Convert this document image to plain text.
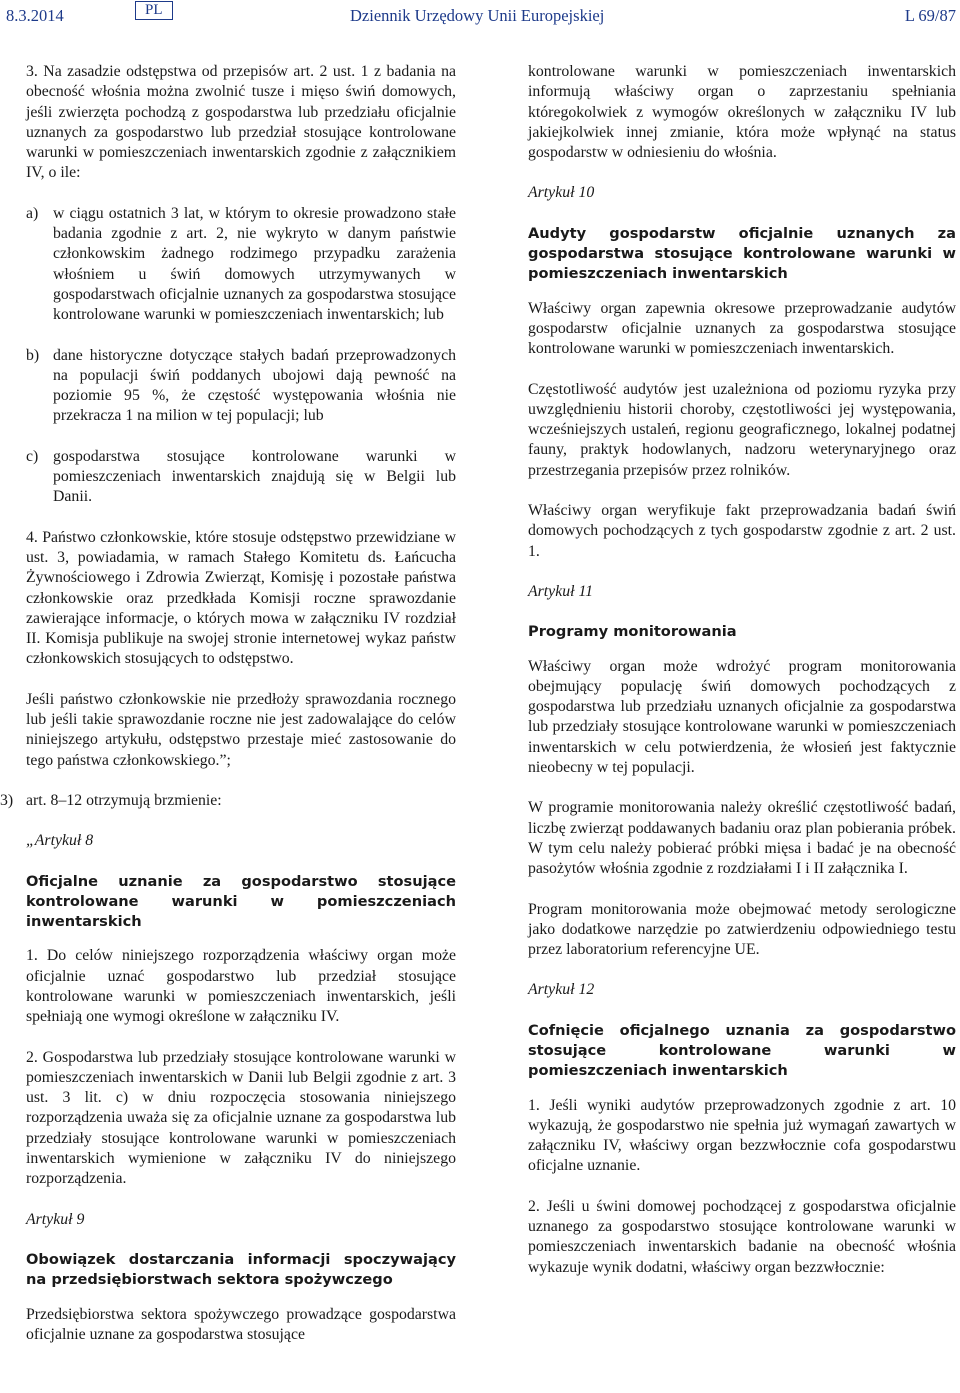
8.3.2014	PL	Dziennik Urzędowy Unii Europejskiej	L 69/87

3. Na zasadzie odstępstwa od przepisów art. 2 ust. 1 z badania na obecność włośnia można zwolnić tusze i mięso świń domowych, jeśli zwierzęta pochodzą z gospodarstwa lub przedziału oficjalnie uznanych za gospodarstwo lub przedział stosujące kontrolowane warunki w pomieszczeniach inwentarskich zgodnie z załącznikiem IV, o ile:

a) w ciągu ostatnich 3 lat, w którym to okresie prowadzono stałe badania zgodnie z art. 2, nie wykryto w danym państwie członkowskim żadnego rodzimego przypadku zarażenia włośniem u świń domowych utrzymywanych w gospodarstwach oficjalnie uznanych za gospodarstwa stosujące kontrolowane warunki w pomieszczeniach inwentarskich; lub
b) dane historyczne dotyczące stałych badań przeprowadzonych na populacji świń poddanych ubojowi dają pewność na poziomie 95 %, że częstość występowania włośnia nie przekracza 1 na milion w tej populacji; lub
c) gospodarstwa stosujące kontrolowane warunki w pomieszczeniach inwentarskich znajdują się w Belgii lub Danii.

4. Państwo członkowskie, które stosuje odstępstwo przewidziane w ust. 3, powiadamia, w ramach Stałego Komitetu ds. Łańcucha Żywnościowego i Zdrowia Zwierząt, Komisję i pozostałe państwa członkowskie oraz przedkłada Komisji roczne sprawozdanie zawierające informacje, o których mowa w załączniku IV rozdział II. Komisja publikuje na swojej stronie internetowej wykaz państw członkowskich stosujących to odstępstwo.

Jeśli państwo członkowskie nie przedłoży sprawozdania rocznego lub jeśli takie sprawozdanie roczne nie jest zadowalające do celów niniejszego artykułu, odstępstwo przestaje mieć zastosowanie do tego państwa członkowskiego.”;

3) art. 8–12 otrzymują brzmienie:

„Artykuł 8

Oficjalne uznanie za gospodarstwo stosujące kontrolowane warunki w pomieszczeniach inwentarskich

1. Do celów niniejszego rozporządzenia właściwy organ może oficjalnie uznać gospodarstwo lub przedział stosujące kontrolowane warunki w pomieszczeniach inwentarskich, jeśli spełniają one wymogi określone w załączniku IV.

2. Gospodarstwa lub przedziały stosujące kontrolowane warunki w pomieszczeniach inwentarskich w Danii lub Belgii zgodnie z art. 3 ust. 3 lit. c) w dniu rozpoczęcia stosowania niniejszego rozporządzenia uważa się za oficjalnie uznane za gospodarstwa lub przedziały stosujące kontrolowane warunki w pomieszczeniach inwentarskich wymienione w załączniku IV do niniejszego rozporządzenia.

Artykuł 9

Obowiązek dostarczania informacji spoczywający na przedsiębiorstwach sektora spożywczego

Przedsiębiorstwa sektora spożywczego prowadzące gospodarstwa oficjalnie uznane za gospodarstwa stosujące

kontrolowane warunki w pomieszczeniach inwentarskich informują właściwy organ o zaprzestaniu spełniania któregokolwiek z wymogów określonych w załączniku IV lub jakiejkolwiek innej zmianie, która może wpłynąć na status gospodarstw w odniesieniu do włośnia.

Artykuł 10

Audyty gospodarstw oficjalnie uznanych za gospodarstwa stosujące kontrolowane warunki w pomieszczeniach inwentarskich

Właściwy organ zapewnia okresowe przeprowadzanie audytów gospodarstw oficjalnie uznanych za gospodarstwa stosujące kontrolowane warunki w pomieszczeniach inwentarskich.

Częstotliwość audytów jest uzależniona od poziomu ryzyka przy uwzględnieniu historii choroby, częstotliwości jej występowania, wcześniejszych ustaleń, regionu geograficznego, lokalnej podatnej fauny, praktyk hodowlanych, nadzoru weterynaryjnego oraz przestrzegania przepisów przez rolników.

Właściwy organ weryfikuje fakt przeprowadzania badań świń domowych pochodzących z tych gospodarstw zgodnie z art. 2 ust. 1.

Artykuł 11

Programy monitorowania

Właściwy organ może wdrożyć program monitorowania obejmujący populację świń domowych pochodzących z gospodarstwa lub przedziału uznanych oficjalnie za gospodarstwa lub przedziały stosujące kontrolowane warunki w pomieszczeniach inwentarskich w celu potwierdzenia, że włosień jest faktycznie nieobecny w tej populacji.

W programie monitorowania należy określić częstotliwość badań, liczbę zwierząt poddawanych badaniu oraz plan pobierania próbek. W tym celu należy pobierać próbki mięsa i badać je na obecność pasożytów włośnia zgodnie z rozdziałami I i II załącznika I.

Program monitorowania może obejmować metody serologiczne jako dodatkowe narzędzie po zatwierdzeniu odpowiedniego testu przez laboratorium referencyjne UE.

Artykuł 12

Cofnięcie oficjalnego uznania za gospodarstwo stosujące kontrolowane warunki w pomieszczeniach inwentarskich

1. Jeśli wyniki audytów przeprowadzonych zgodnie z art. 10 wykazują, że gospodarstwo nie spełnia już wymagań zawartych w załączniku IV, właściwy organ bezzwłocznie cofa gospodarstwu oficjalne uznanie.

2. Jeśli u świni domowej pochodzącej z gospodarstwa oficjalnie uznanego za gospodarstwo stosujące kontrolowane warunki w pomieszczeniach inwentarskich badanie na obecność włośnia wykazuje wynik dodatni, właściwy organ bezzwłocznie:
